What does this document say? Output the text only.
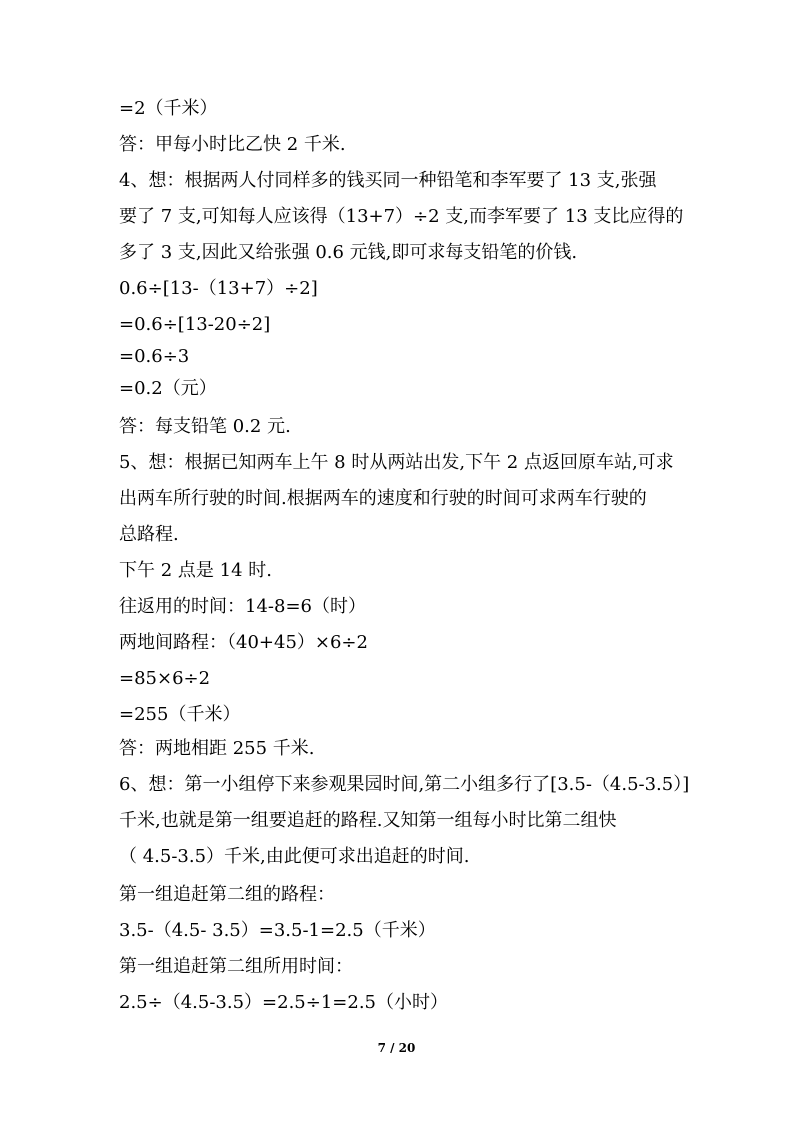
=2（千米）
答：甲每小时比乙快 2 千米.
4、想：根据两人付同样多的钱买同一种铅笔和李军要了 13 支,张强
要了 7 支,可知每人应该得（13+7）÷2 支,而李军要了 13 支比应得的
多了 3 支,因此又给张强 0.6 元钱,即可求每支铅笔的价钱.
0.6÷[13-（13+7）÷2]
=0.6÷[13-20÷2]
=0.6÷3
=0.2（元）
答：每支铅笔 0.2 元.
5、想：根据已知两车上午 8 时从两站出发,下午 2 点返回原车站,可求
出两车所行驶的时间.根据两车的速度和行驶的时间可求两车行驶的
总路程.
下午 2 点是 14 时.
往返用的时间：14-8=6（时）
两地间路程：（40+45）×6÷2
=85×6÷2
=255（千米）
答：两地相距 255 千米.
6、想：第一小组停下来参观果园时间,第二小组多行了[3.5-（4.5-3.5）]
千米,也就是第一组要追赶的路程.又知第一组每小时比第二组快
（ 4.5-3.5）千米,由此便可求出追赶的时间.
第一组追赶第二组的路程：
3.5-（4.5- 3.5）=3.5-1=2.5（千米）
第一组追赶第二组所用时间：
2.5÷（4.5-3.5）=2.5÷1=2.5（小时）
7 / 20
